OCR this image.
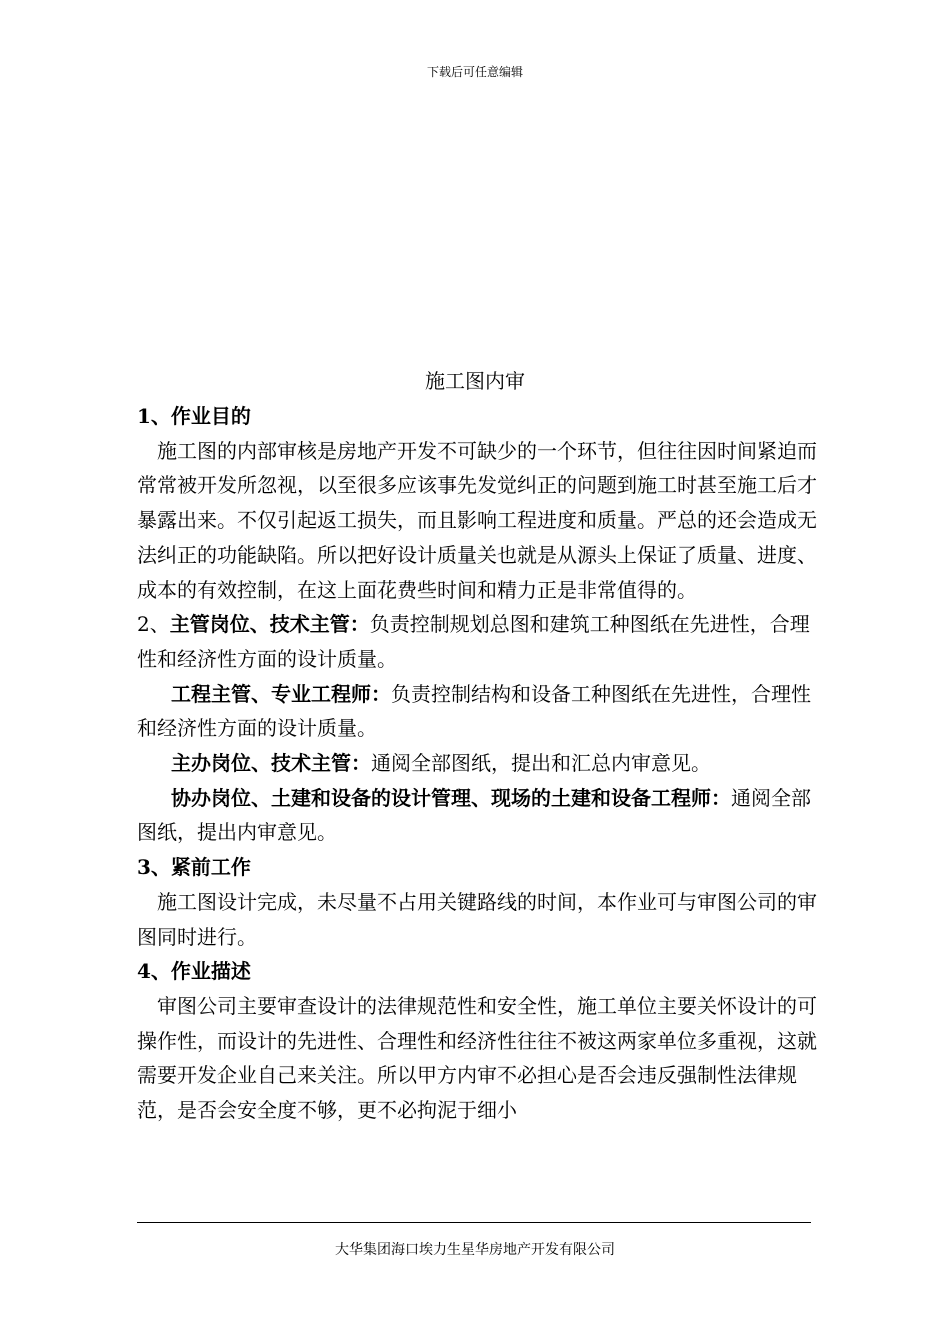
下载后可任意编辑
施工图内审

1、作业目的

施工图的内部审核是房地产开发不可缺少的一个环节，但往往因时间紧迫而常常被开发所忽视，以至很多应该事先发觉纠正的问题到施工时甚至施工后才暴露出来。不仅引起返工损失，而且影响工程进度和质量。严总的还会造成无法纠正的功能缺陷。所以把好设计质量关也就是从源头上保证了质量、进度、成本的有效控制，在这上面花费些时间和精力正是非常值得的。

2、主管岗位、技术主管：负责控制规划总图和建筑工种图纸在先进性，合理性和经济性方面的设计质量。

工程主管、专业工程师：负责控制结构和设备工种图纸在先进性，合理性和经济性方面的设计质量。

主办岗位、技术主管：通阅全部图纸，提出和汇总内审意见。

协办岗位、土建和设备的设计管理、现场的土建和设备工程师：通阅全部图纸，提出内审意见。

3、紧前工作

施工图设计完成，未尽量不占用关键路线的时间，本作业可与审图公司的审图同时进行。

4、作业描述

审图公司主要审查设计的法律规范性和安全性，施工单位主要关怀设计的可操作性，而设计的先进性、合理性和经济性往往不被这两家单位多重视，这就需要开发企业自己来关注。所以甲方内审不必担心是否会违反强制性法律规范，是否会安全度不够，更不必拘泥于细小

大华集团海口埃力生星华房地产开发有限公司
